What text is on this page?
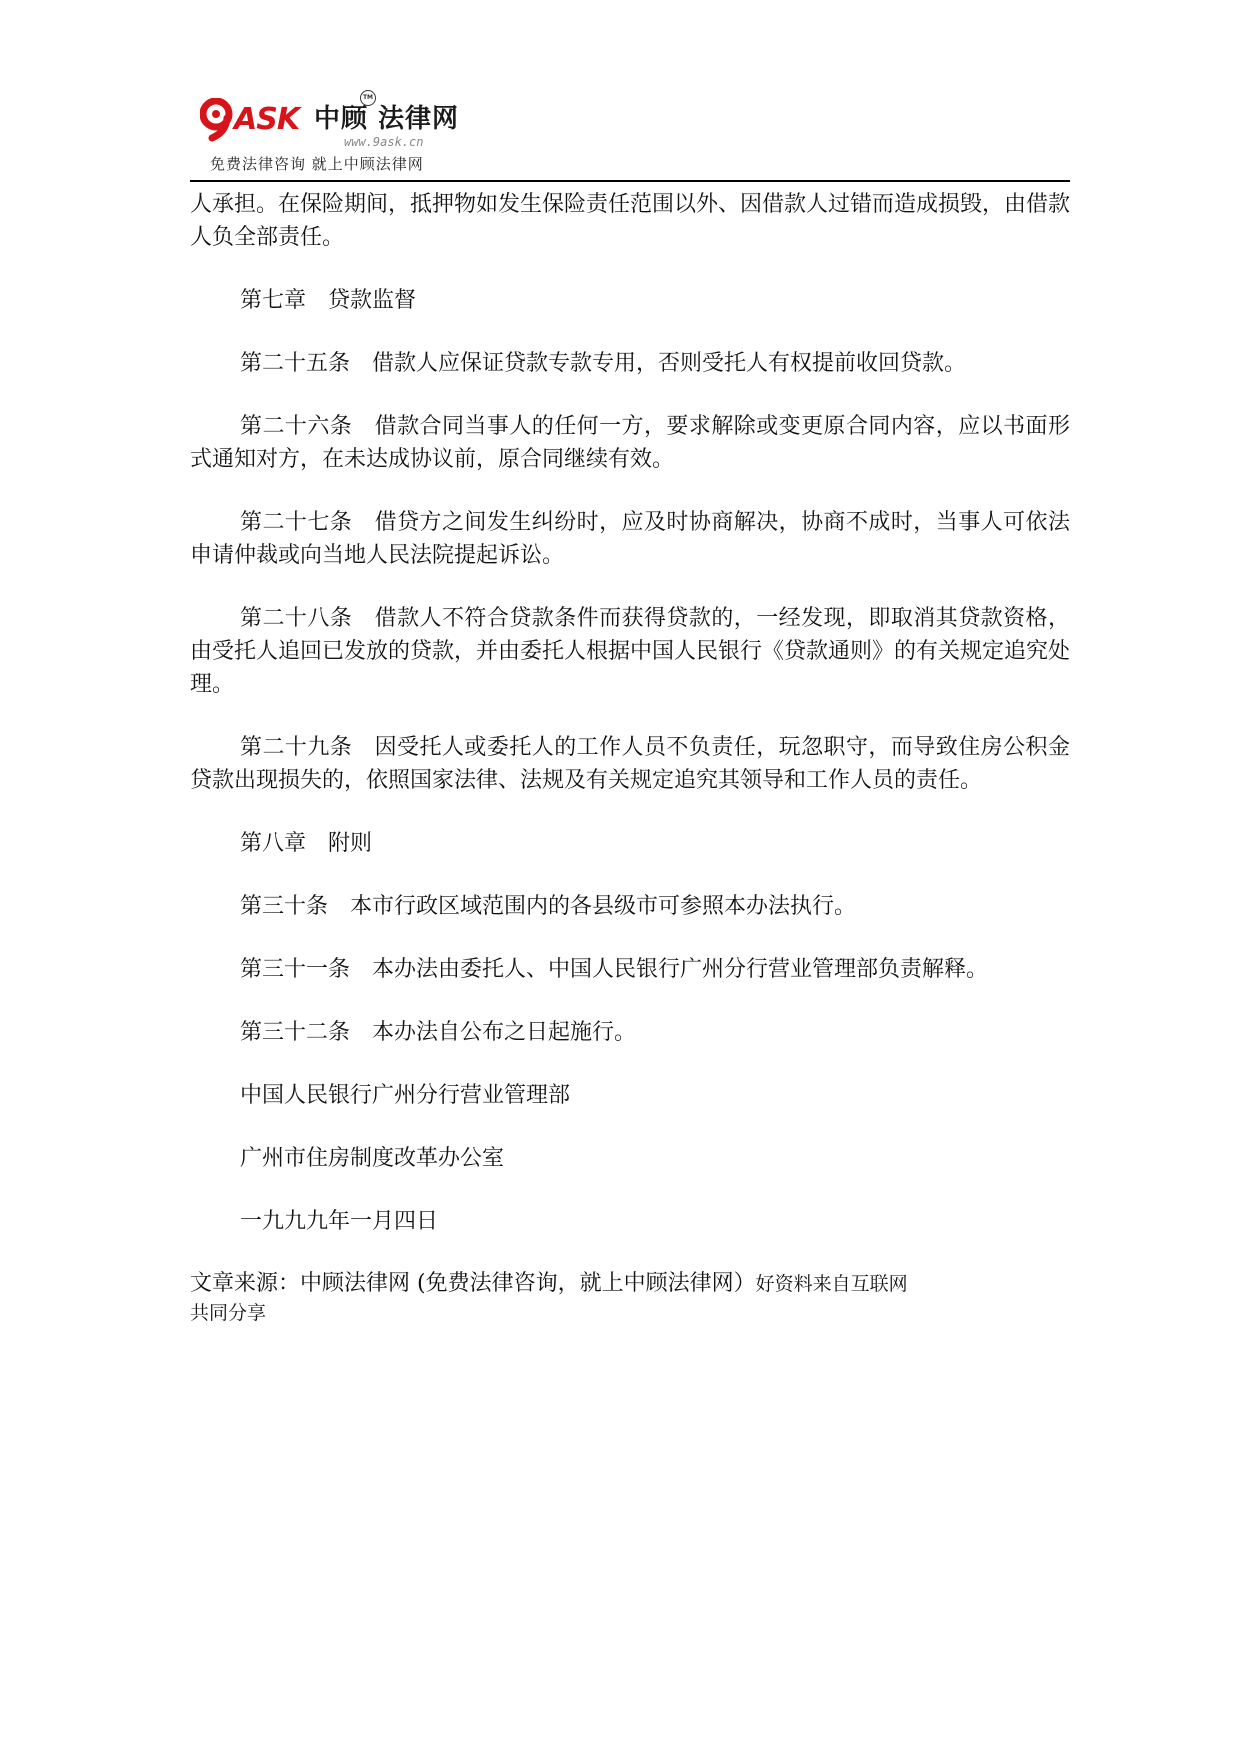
ASK 中顾 法律网
TM
www.9ask.cn
免费法律咨询 就上中顾法律网

人承担。在保险期间，抵押物如发生保险责任范围以外、因借款人过错而造成损毁，由借款人负全部责任。

第七章 贷款监督

第二十五条 借款人应保证贷款专款专用，否则受托人有权提前收回贷款。

第二十六条 借款合同当事人的任何一方，要求解除或变更原合同内容，应以书面形式通知对方，在未达成协议前，原合同继续有效。

第二十七条 借贷方之间发生纠纷时，应及时协商解决，协商不成时，当事人可依法申请仲裁或向当地人民法院提起诉讼。

第二十八条 借款人不符合贷款条件而获得贷款的，一经发现，即取消其贷款资格，由受托人追回已发放的贷款，并由委托人根据中国人民银行《贷款通则》的有关规定追究处理。

第二十九条 因受托人或委托人的工作人员不负责任，玩忽职守，而导致住房公积金贷款出现损失的，依照国家法律、法规及有关规定追究其领导和工作人员的责任。

第八章 附则

第三十条 本市行政区域范围内的各县级市可参照本办法执行。

第三十一条 本办法由委托人、中国人民银行广州分行营业管理部负责解释。

第三十二条 本办法自公布之日起施行。

中国人民银行广州分行营业管理部

广州市住房制度改革办公室

一九九九年一月四日

文章来源：中顾法律网 (免费法律咨询，就上中顾法律网）好资料来自互联网
共同分享
